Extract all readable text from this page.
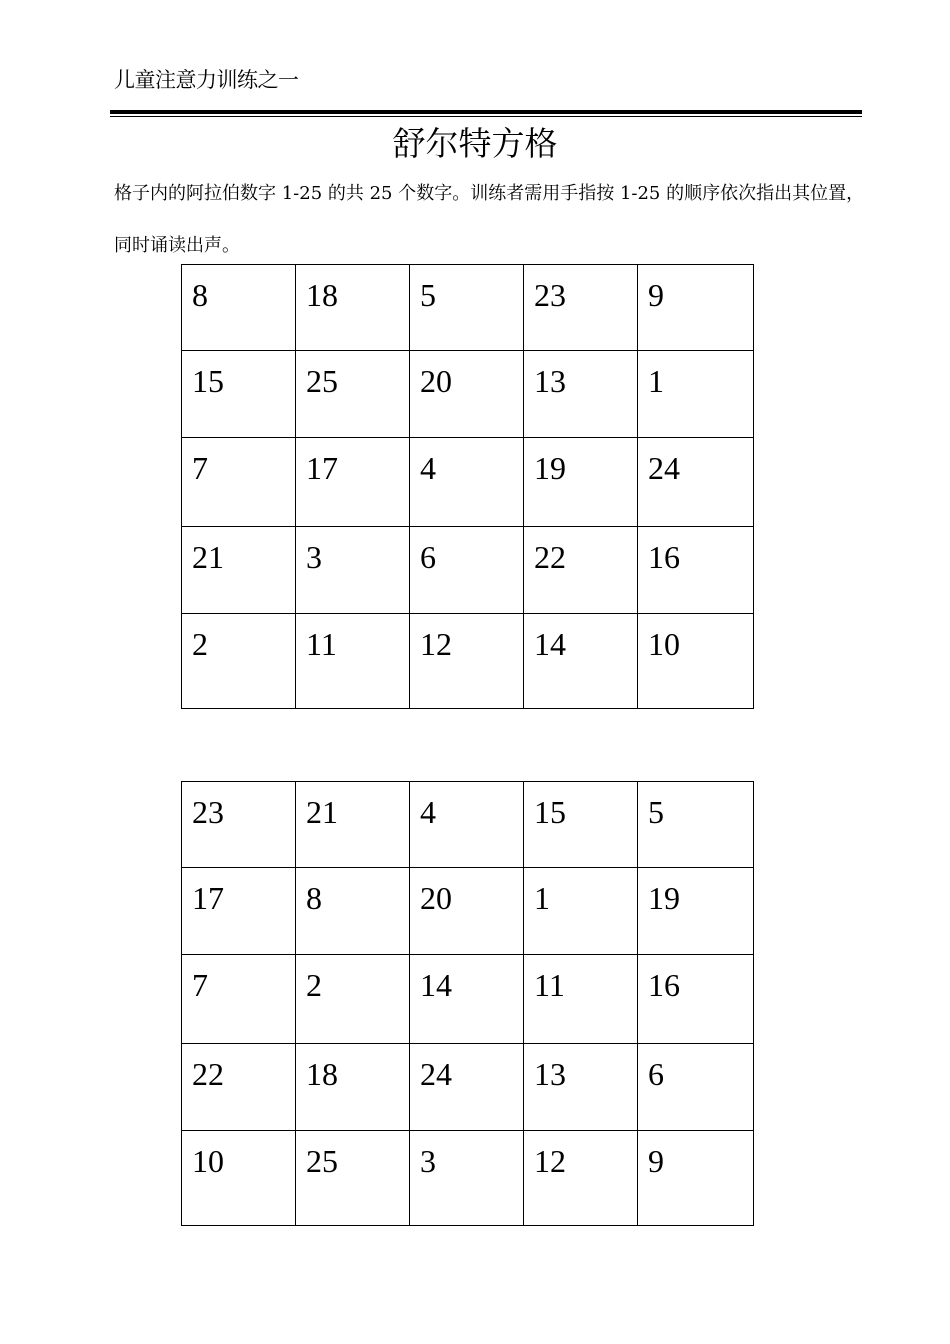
儿童注意力训练之一
舒尔特方格

格子内的阿拉伯数字 1-25 的共 25 个数字。训练者需用手指按 1-25 的顺序依次指出其位置，同时诵读出声。

8	18	5	23	9
15	25	20	13	1
7	17	4	19	24
21	3	6	22	16
2	11	12	14	10
23	21	4	15	5
17	8	20	1	19
7	2	14	11	16
22	18	24	13	6
10	25	3	12	9
